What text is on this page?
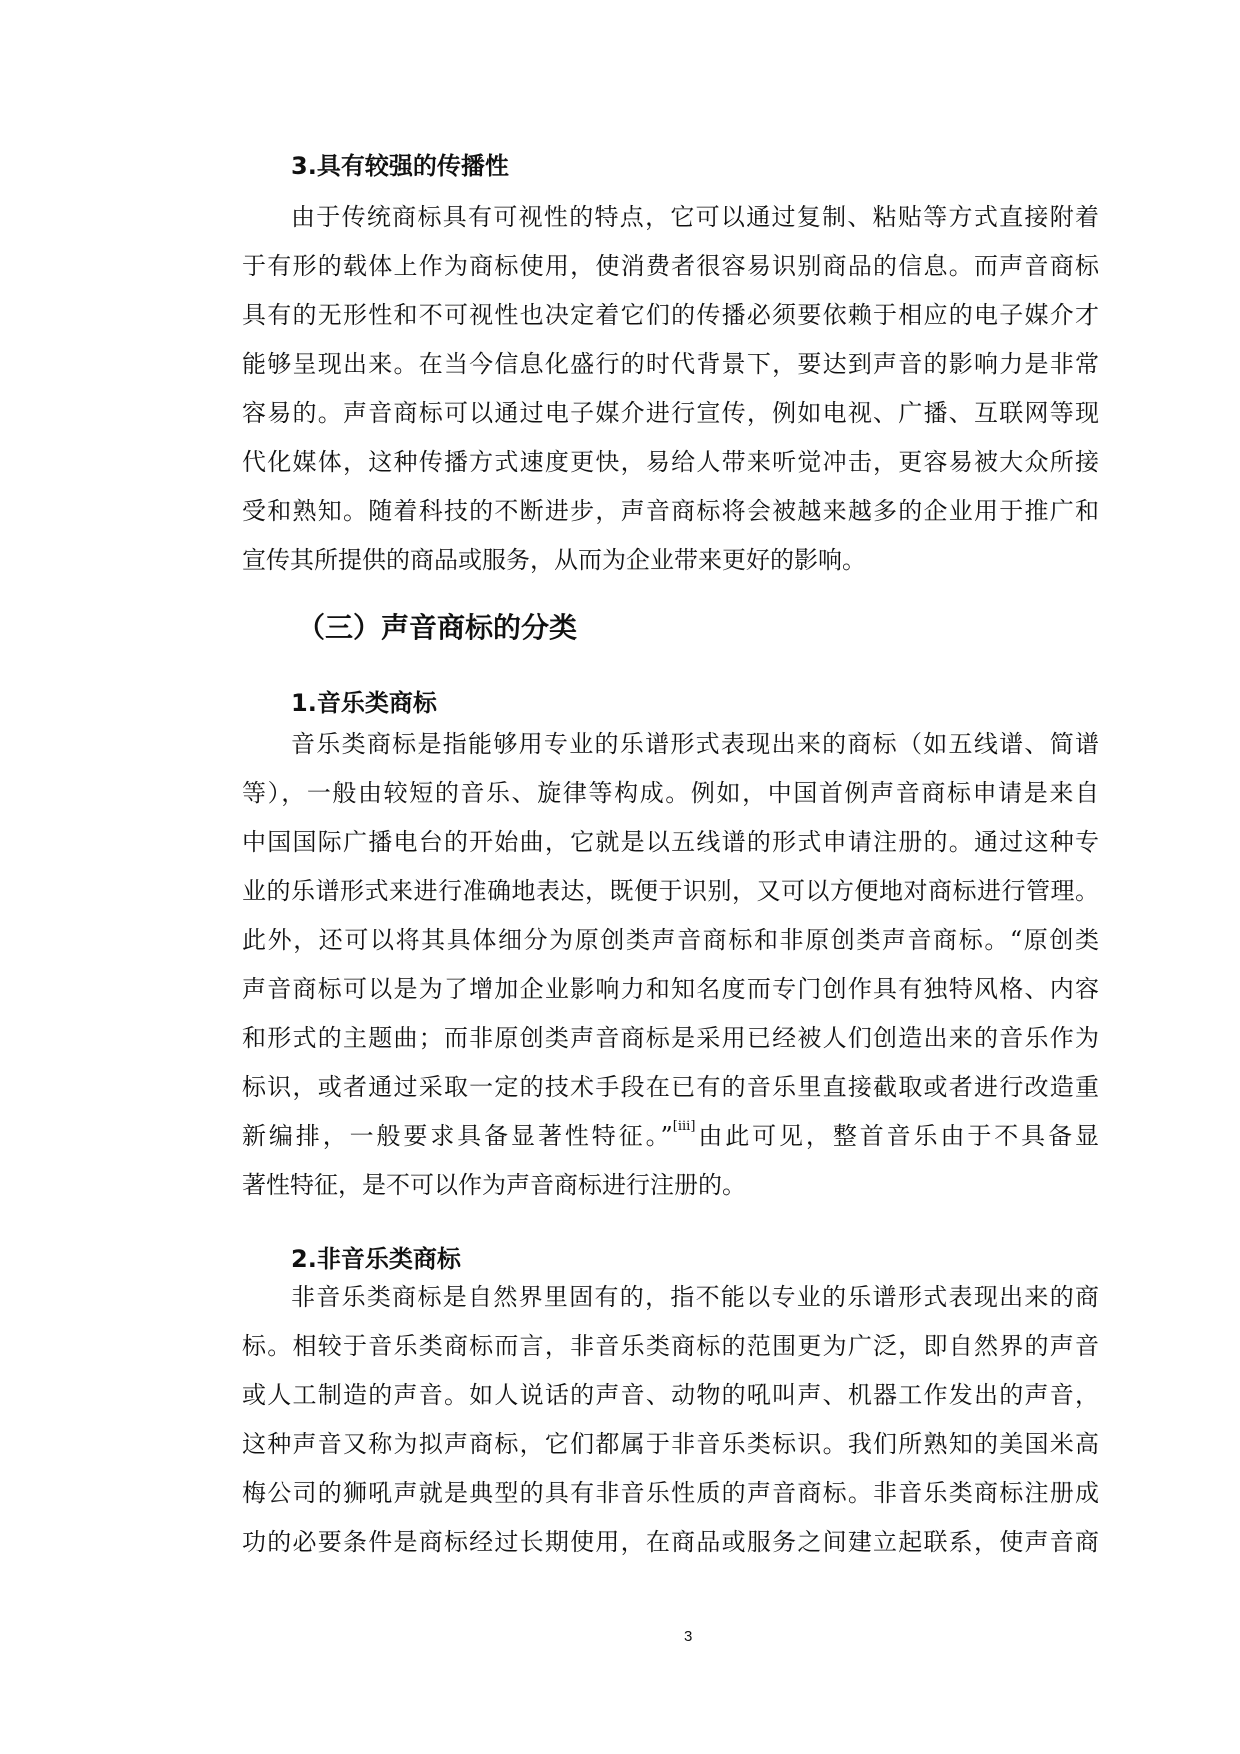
3.具有较强的传播性
由于传统商标具有可视性的特点，它可以通过复制、粘贴等方式直接附着
于有形的载体上作为商标使用，使消费者很容易识别商品的信息。而声音商标
具有的无形性和不可视性也决定着它们的传播必须要依赖于相应的电子媒介才
能够呈现出来。在当今信息化盛行的时代背景下，要达到声音的影响力是非常
容易的。声音商标可以通过电子媒介进行宣传，例如电视、广播、互联网等现
代化媒体，这种传播方式速度更快，易给人带来听觉冲击，更容易被大众所接
受和熟知。随着科技的不断进步，声音商标将会被越来越多的企业用于推广和
宣传其所提供的商品或服务，从而为企业带来更好的影响。
（三）声音商标的分类
1.音乐类商标
音乐类商标是指能够用专业的乐谱形式表现出来的商标（如五线谱、简谱
等），一般由较短的音乐、旋律等构成。例如，中国首例声音商标申请是来自
中国国际广播电台的开始曲，它就是以五线谱的形式申请注册的。通过这种专
业的乐谱形式来进行准确地表达，既便于识别，又可以方便地对商标进行管理。
此外，还可以将其具体细分为原创类声音商标和非原创类声音商标。“原创类
声音商标可以是为了增加企业影响力和知名度而专门创作具有独特风格、内容
和形式的主题曲；而非原创类声音商标是采用已经被人们创造出来的音乐作为
标识，或者通过采取一定的技术手段在已有的音乐里直接截取或者进行改造重
新编排，一般要求具备显著性特征。”[iii]由此可见，整首音乐由于不具备显
著性特征，是不可以作为声音商标进行注册的。
2.非音乐类商标
非音乐类商标是自然界里固有的，指不能以专业的乐谱形式表现出来的商
标。相较于音乐类商标而言，非音乐类商标的范围更为广泛，即自然界的声音
或人工制造的声音。如人说话的声音、动物的吼叫声、机器工作发出的声音，
这种声音又称为拟声商标，它们都属于非音乐类标识。我们所熟知的美国米高
梅公司的狮吼声就是典型的具有非音乐性质的声音商标。非音乐类商标注册成
功的必要条件是商标经过长期使用，在商品或服务之间建立起联系，使声音商
3
